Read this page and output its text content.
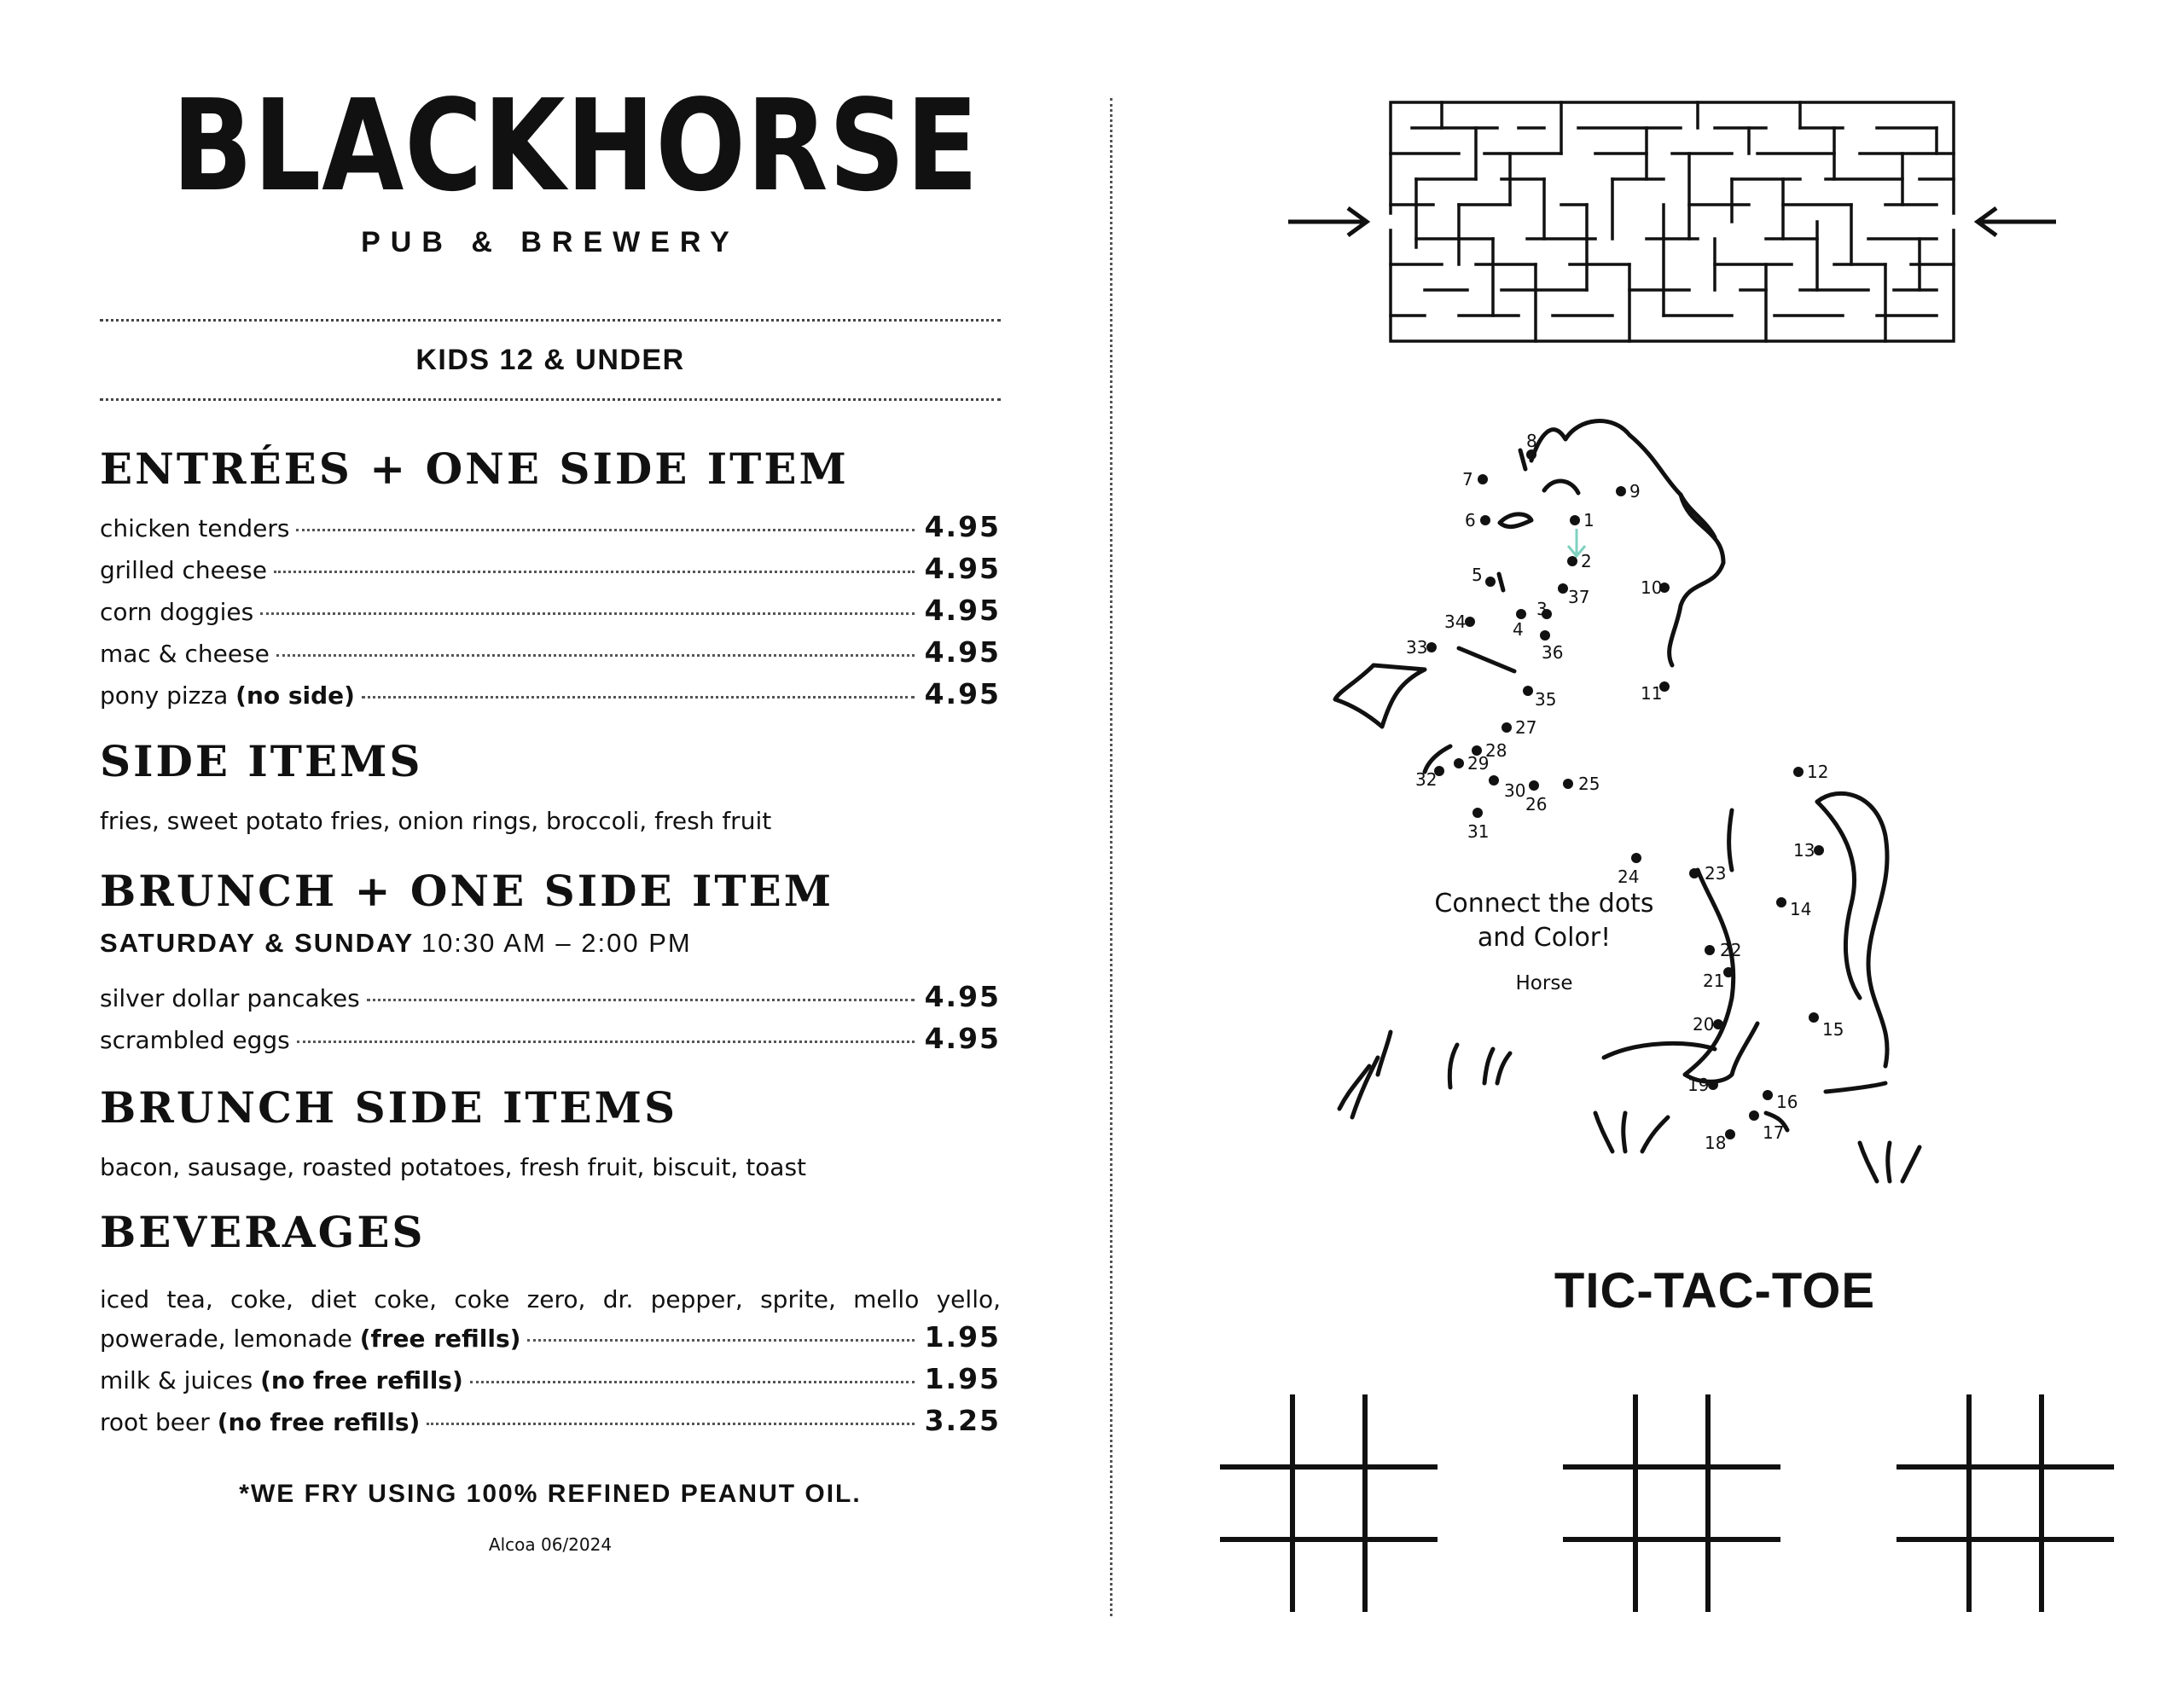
BLACKHORSE
PUB & BREWERY
KIDS 12 & UNDER
ENTRÉES + ONE SIDE ITEM
chicken tenders	4.95
grilled cheese	4.95
corn doggies	4.95
mac & cheese	4.95
pony pizza (no side)	4.95
SIDE ITEMS
fries, sweet potato fries, onion rings, broccoli, fresh fruit
BRUNCH + ONE SIDE ITEM
SATURDAY & SUNDAY 10:30 AM – 2:00 PM
silver dollar pancakes	4.95
scrambled eggs	4.95
BRUNCH SIDE ITEMS
bacon, sausage, roasted potatoes, fresh fruit, biscuit, toast
BEVERAGES
iced tea, coke, diet coke, coke zero, dr. pepper, sprite, mello yello,
powerade, lemonade (free refills)	1.95
milk & juices (no free refills)	1.95
root beer (no free refills)	3.25
*WE FRY USING 100% REFINED PEANUT OIL.
Alcoa 06/2024
1
2
3
4
5
6
7
8
9
10
11
12
13
14
15
16
17
18
19
20
21
22
23
24
25
26
27
28
29
30
31
32
33
34
35
36
37
Connect the dots
and Color!
Horse
TIC-TAC-TOE
